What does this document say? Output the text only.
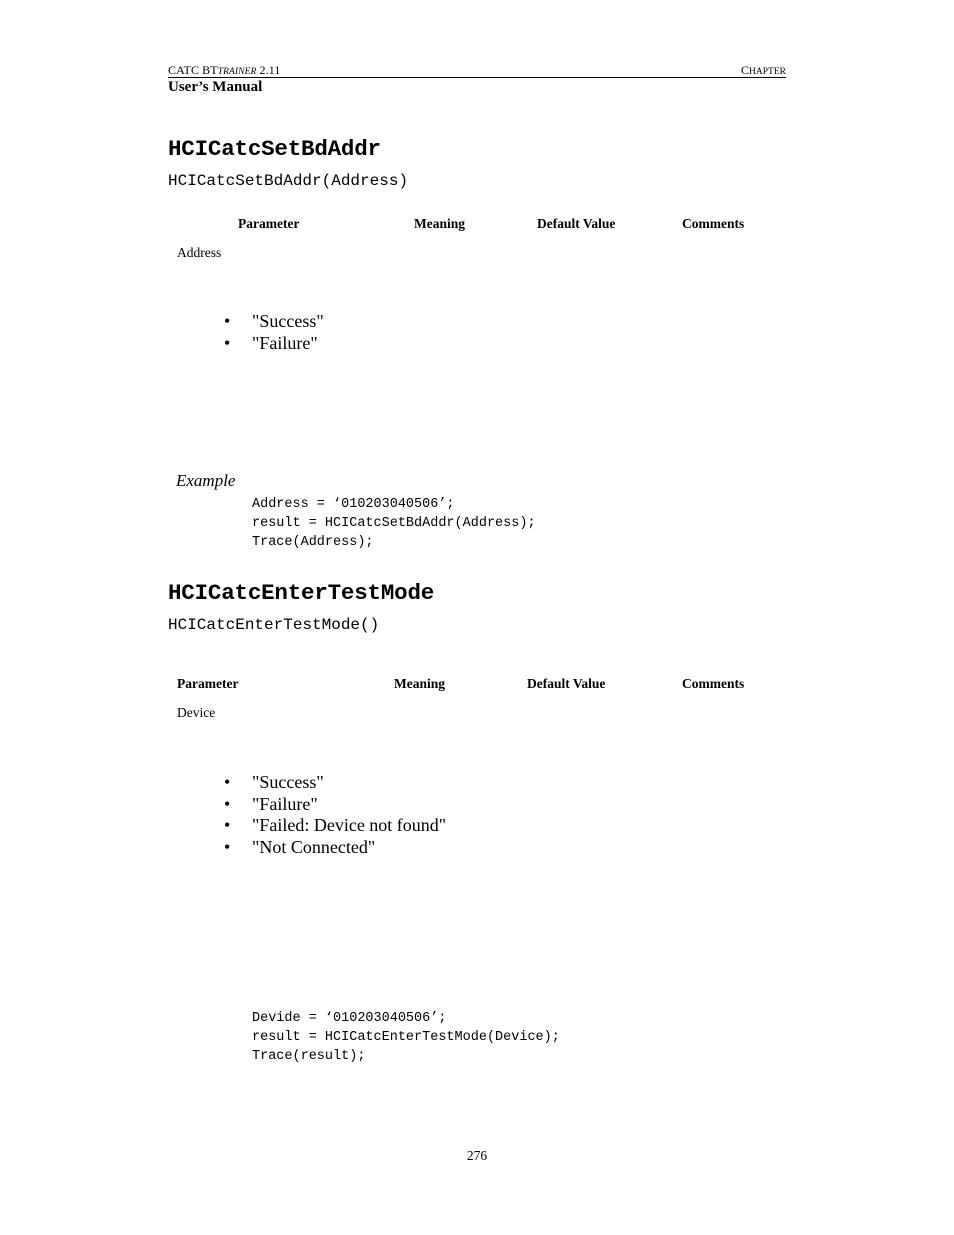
CATC BTTRAINER 2.11	CHAPTER
User’s Manual
HCICatcSetBdAddr
HCICatcSetBdAddr(Address)
Parameter	Meaning	Default Value	Comments
Address
• "Success"
• "Failure"
Example
Address = ‘010203040506’;
result = HCICatcSetBdAddr(Address);
Trace(Address);
HCICatcEnterTestMode
HCICatcEnterTestMode()
Parameter	Meaning	Default Value	Comments
Device
• "Success"
• "Failure"
• "Failed: Device not found"
• "Not Connected"
Devide = ‘010203040506’;
result = HCICatcEnterTestMode(Device);
Trace(result);
276
